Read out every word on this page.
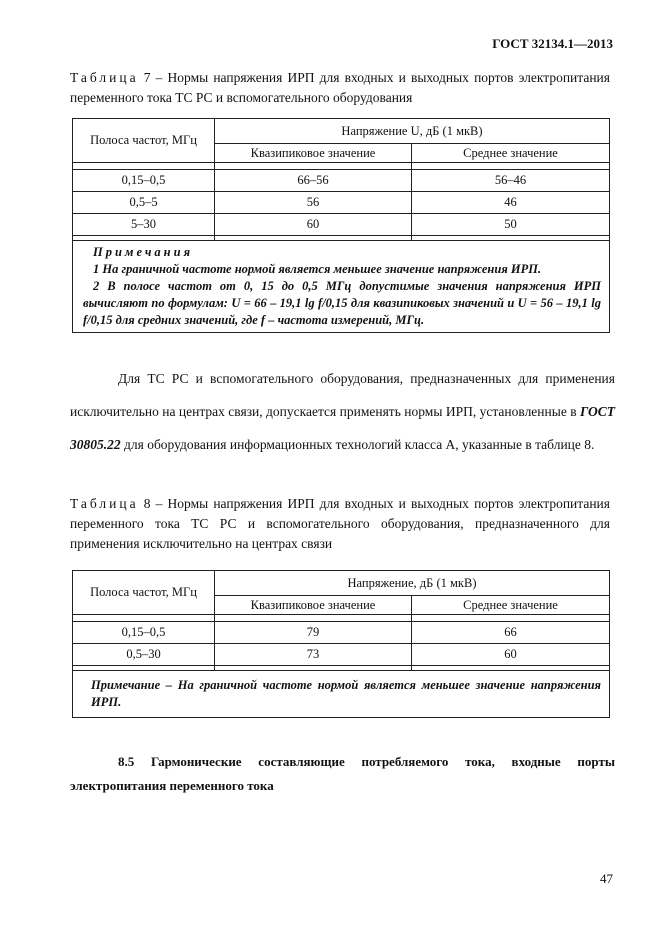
ГОСТ 32134.1—2013
Таблица 7 – Нормы напряжения ИРП для входных и выходных портов электропитания переменного тока ТС РС и вспомогательного оборудования
Полоса частот, МГц	Напряжение U, дБ (1 мкВ)	
	Квазипиковое значение	Среднее значение

0,15–0,5	66–56	56–46
0,5–5	56	46
5–30	60	50

Примечания
1 На граничной частоте нормой является меньшее значение напряжения ИРП.
2 В полосе частот от 0, 15 до 0,5 МГц допустимые значения напряжения ИРП вычисляют по формулам: U = 66 – 19,1 lg f/0,15 для квазипиковых значений и U = 56 – 19,1 lg f/0,15 для средних значений, где f – частота измерений, МГц.		
Для ТС РС и вспомогательного оборудования, предназначенных для применения исключительно на центрах связи, допускается применять нормы ИРП, установленные в ГОСТ 30805.22 для оборудования информационных технологий класса А, указанные в таблице 8.
Таблица 8 – Нормы напряжения ИРП для входных и выходных портов электропитания переменного тока ТС РС и вспомогательного оборудования, предназначенного для применения исключительно на центрах связи
Полоса частот, МГц	Напряжение, дБ (1 мкВ)	
	Квазипиковое значение	Среднее значение

0,15–0,5	79	66
0,5–30	73	60

Примечание – На граничной частоте нормой является меньшее значение напряжения ИРП.		
8.5 Гармонические составляющие потребляемого тока, входные порты электропитания переменного тока
47
